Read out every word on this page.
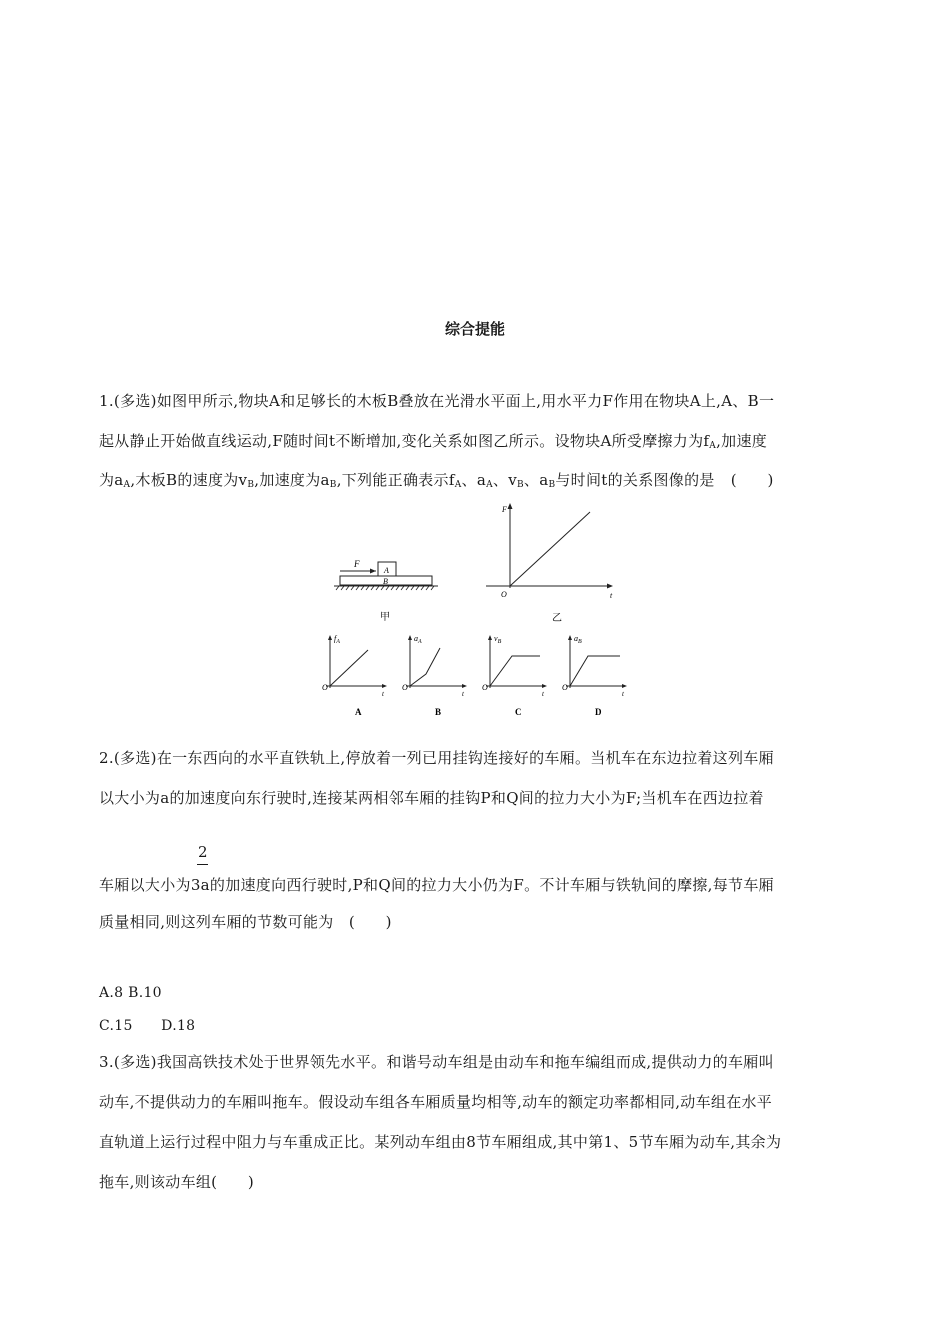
综合提能
1.(多选)如图甲所示,物块A和足够长的木板B叠放在光滑水平面上,用水平力F作用在物块A上,A、B一
起从静止开始做直线运动,F随时间t不断增加,变化关系如图乙所示。设物块A所受摩擦力为$f_A$,加速度
为$a_A$,木板B的速度为$v_B$,加速度为$a_B$,下列能正确表示$f_A$、$a_A$、$v_B$、$a_B$与时间t的关系图像的是 (　　)
F
A
B
甲
F
t
O
乙
$f_A$
t
O
A
$a_A$
t
O
B
$v_B$
t
O
C
$a_B$
t
O
D
2.(多选)在一东西向的水平直铁轨上,停放着一列已用挂钩连接好的车厢。当机车在东边拉着这列车厢
以大小为a的加速度向东行驶时,连接某两相邻车厢的挂钩P和Q间的拉力大小为F;当机车在西边拉着
2
车厢以大小为3a的加速度向西行驶时,P和Q间的拉力大小仍为F。不计车厢与铁轨间的摩擦,每节车厢
质量相同,则这列车厢的节数可能为　(　　)
A.8 B.10
C.15      D.18
3.(多选)我国高铁技术处于世界领先水平。和谐号动车组是由动车和拖车编组而成,提供动力的车厢叫
动车,不提供动力的车厢叫拖车。假设动车组各车厢质量均相等,动车的额定功率都相同,动车组在水平
直轨道上运行过程中阻力与车重成正比。某列动车组由8节车厢组成,其中第1、5节车厢为动车,其余为
拖车,则该动车组(　　)
